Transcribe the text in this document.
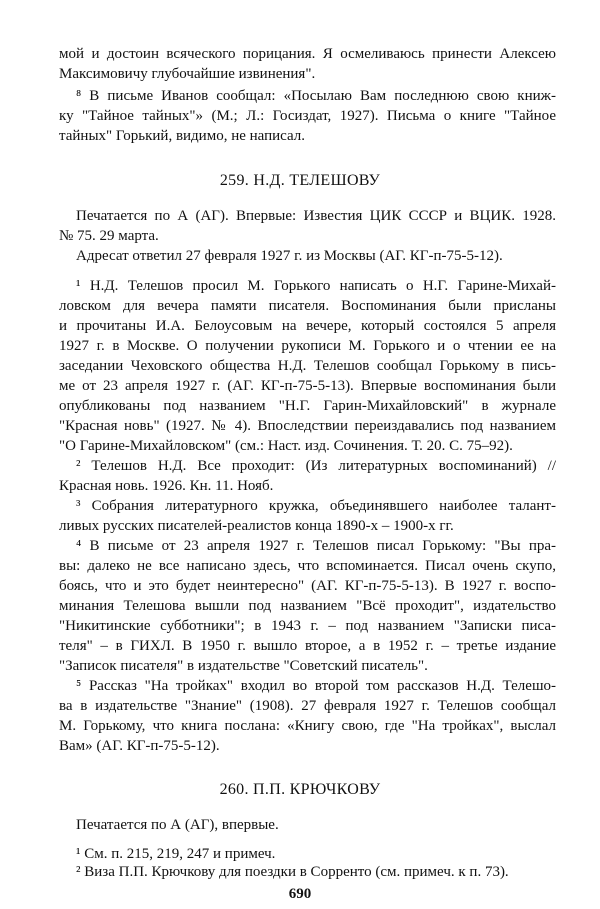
мой и достоин всяческого порицания. Я осмеливаюсь принести Алексею
Максимовичу глубочайшие извинения".
⁸ В письме Иванов сообщал: «Посылаю Вам последнюю свою книж-
ку "Тайное тайных"» (М.; Л.: Госиздат, 1927). Письма о книге "Тайное
тайных" Горький, видимо, не написал.
259. Н.Д. ТЕЛЕШОВУ
Печатается по А (АГ). Впервые: Известия ЦИК СССР и ВЦИК. 1928.
№ 75. 29 марта.
Адресат ответил 27 февраля 1927 г. из Москвы (АГ. КГ-п-75-5-12).
¹ Н.Д. Телешов просил М. Горького написать о Н.Г. Гарине-Михай-
ловском для вечера памяти писателя. Воспоминания были присланы
и прочитаны И.А. Белоусовым на вечере, который состоялся 5 апреля
1927 г. в Москве. О получении рукописи М. Горького и о чтении ее на
заседании Чеховского общества Н.Д. Телешов сообщал Горькому в пись-
ме от 23 апреля 1927 г. (АГ. КГ-п-75-5-13). Впервые воспоминания были
опубликованы под названием "Н.Г. Гарин-Михайловский" в журнале
"Красная новь" (1927. № 4). Впоследствии переиздавались под названием
"О Гарине-Михайловском" (см.: Наст. изд. Сочинения. Т. 20. С. 75–92).
² Телешов Н.Д. Все проходит: (Из литературных воспоминаний) //
Красная новь. 1926. Кн. 11. Нояб.
³ Собрания литературного кружка, объединявшего наиболее талант-
ливых русских писателей-реалистов конца 1890-х – 1900-х гг.
⁴ В письме от 23 апреля 1927 г. Телешов писал Горькому: "Вы пра-
вы: далеко не все написано здесь, что вспоминается. Писал очень скупо,
боясь, что и это будет неинтересно" (АГ. КГ-п-75-5-13). В 1927 г. воспо-
минания Телешова вышли под названием "Всё проходит", издательство
"Никитинские субботники"; в 1943 г. – под названием "Записки писа-
теля" – в ГИХЛ. В 1950 г. вышло второе, а в 1952 г. – третье издание
"Записок писателя" в издательстве "Советский писатель".
⁵ Рассказ "На тройках" входил во второй том рассказов Н.Д. Телешо-
ва в издательстве "Знание" (1908). 27 февраля 1927 г. Телешов сообщал
М. Горькому, что книга послана: «Книгу свою, где "На тройках", выслал
Вам» (АГ. КГ-п-75-5-12).
260. П.П. КРЮЧКОВУ
Печатается по А (АГ), впервые.
¹ См. п. 215, 219, 247 и примеч.
² Виза П.П. Крючкову для поездки в Сорренто (см. примеч. к п. 73).
690
